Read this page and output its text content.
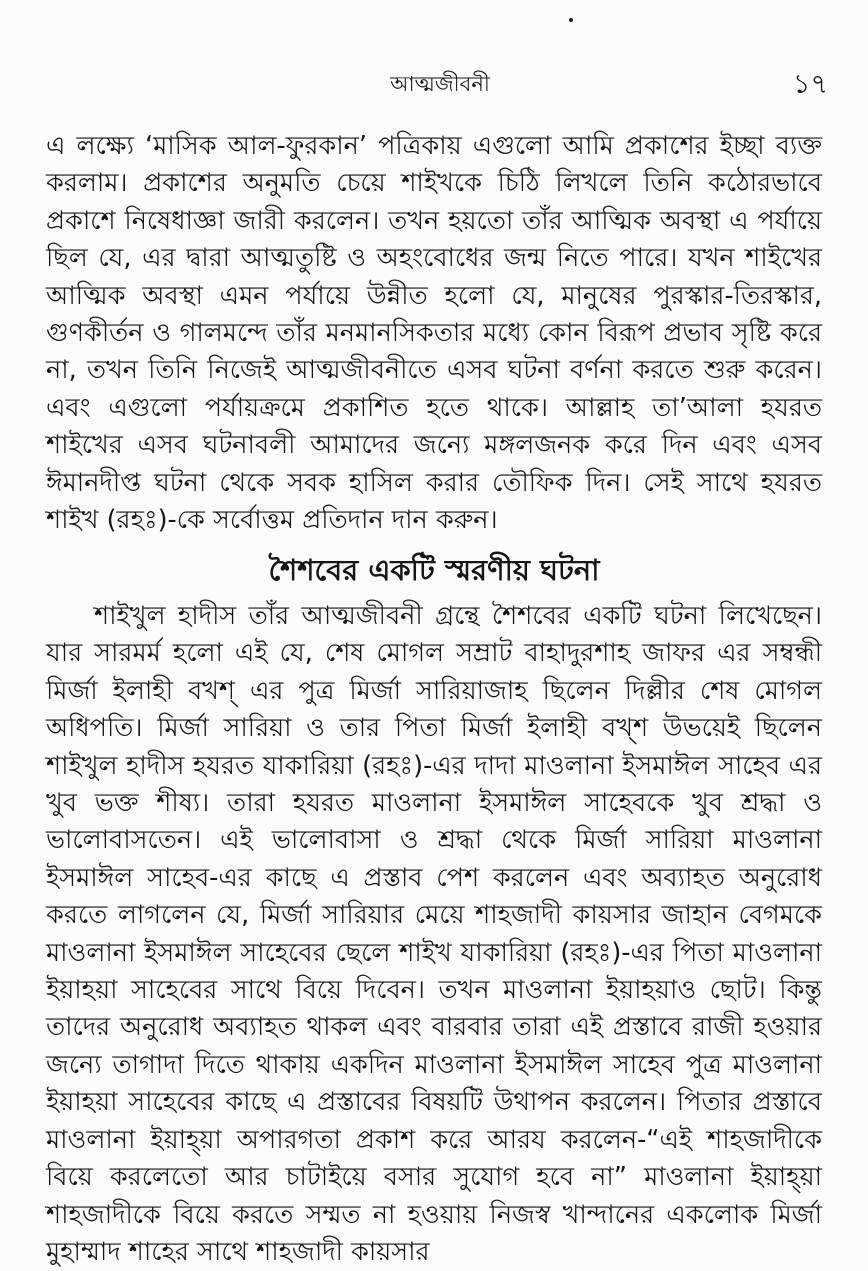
আত্মজীবনী	১৭
এ লক্ষ্যে ‘মাসিক আল-ফুরকান’ পত্রিকায় এগুলো আমি প্রকাশের ইচ্ছা ব্যক্ত করলাম। প্রকাশের অনুমতি চেয়ে শাইখকে চিঠি লিখলে তিনি কঠোরভাবে প্রকাশে নিষেধাজ্ঞা জারী করলেন। তখন হয়তো তাঁর আত্মিক অবস্থা এ পর্যায়ে ছিল যে, এর দ্বারা আত্মতুষ্টি ও অহংবোধের জন্ম নিতে পারে। যখন শাইখের আত্মিক অবস্থা এমন পর্যায়ে উন্নীত হলো যে, মানুষের পুরস্কার-তিরস্কার, গুণকীর্তন ও গালমন্দে তাঁর মনমানসিকতার মধ্যে কোন বিরূপ প্রভাব সৃষ্টি করে না, তখন তিনি নিজেই আত্মজীবনীতে এসব ঘটনা বর্ণনা করতে শুরু করেন। এবং এগুলো পর্যায়ক্রমে প্রকাশিত হতে থাকে। আল্লাহ তা’আলা হযরত শাইখের এসব ঘটনাবলী আমাদের জন্যে মঙ্গলজনক করে দিন এবং এসব ঈমানদীপ্ত ঘটনা থেকে সবক হাসিল করার তৌফিক দিন। সেই সাথে হযরত শাইখ (রহঃ)-কে সর্বোত্তম প্রতিদান দান করুন।
শৈশবের একটি স্মরণীয় ঘটনা
শাইখুল হাদীস তাঁর আত্মজীবনী গ্রন্থে শৈশবের একটি ঘটনা লিখেছেন। যার সারমর্ম হলো এই যে, শেষ মোগল সম্রাট বাহাদুরশাহ জাফর এর সম্বন্ধী মির্জা ইলাহী বখশ্‌ এর পুত্র মির্জা সারিয়াজাহ ছিলেন দিল্লীর শেষ মোগল অধিপতি। মির্জা সারিয়া ও তার পিতা মির্জা ইলাহী বখ্‌শ উভয়েই ছিলেন শাইখুল হাদীস হযরত যাকারিয়া (রহঃ)-এর দাদা মাওলানা ইসমাঈল সাহেব এর খুব ভক্ত শীষ্য। তারা হযরত মাওলানা ইসমাঈল সাহেবকে খুব শ্রদ্ধা ও ভালোবাসতেন। এই ভালোবাসা ও শ্রদ্ধা থেকে মির্জা সারিয়া মাওলানা ইসমাঈল সাহেব-এর কাছে এ প্রস্তাব পেশ করলেন এবং অব্যাহত অনুরোধ করতে লাগলেন যে, মির্জা সারিয়ার মেয়ে শাহজাদী কায়সার জাহান বেগমকে মাওলানা ইসমাঈল সাহেবের ছেলে শাইখ যাকারিয়া (রহঃ)-এর পিতা মাওলানা ইয়াহয়া সাহেবের সাথে বিয়ে দিবেন। তখন মাওলানা ইয়াহয়াও ছোট। কিন্তু তাদের অনুরোধ অব্যাহত থাকল এবং বারবার তারা এই প্রস্তাবে রাজী হওয়ার জন্যে তাগাদা দিতে থাকায় একদিন মাওলানা ইসমাঈল সাহেব পুত্র মাওলানা ইয়াহয়া সাহেবের কাছে এ প্রস্তাবের বিষয়টি উথাপন করলেন। পিতার প্রস্তাবে মাওলানা ইয়াহ্য়া অপারগতা প্রকাশ করে আরয করলেন-“এই শাহজাদীকে বিয়ে করলেতো আর চাটাইয়ে বসার সুযোগ হবে না” মাওলানা ইয়াহ্য়া শাহজাদীকে বিয়ে করতে সম্মত না হওয়ায় নিজস্ব খান্দানের একলোক মির্জা মুহাম্মাদ শাহের সাথে শাহজাদী কায়সার
